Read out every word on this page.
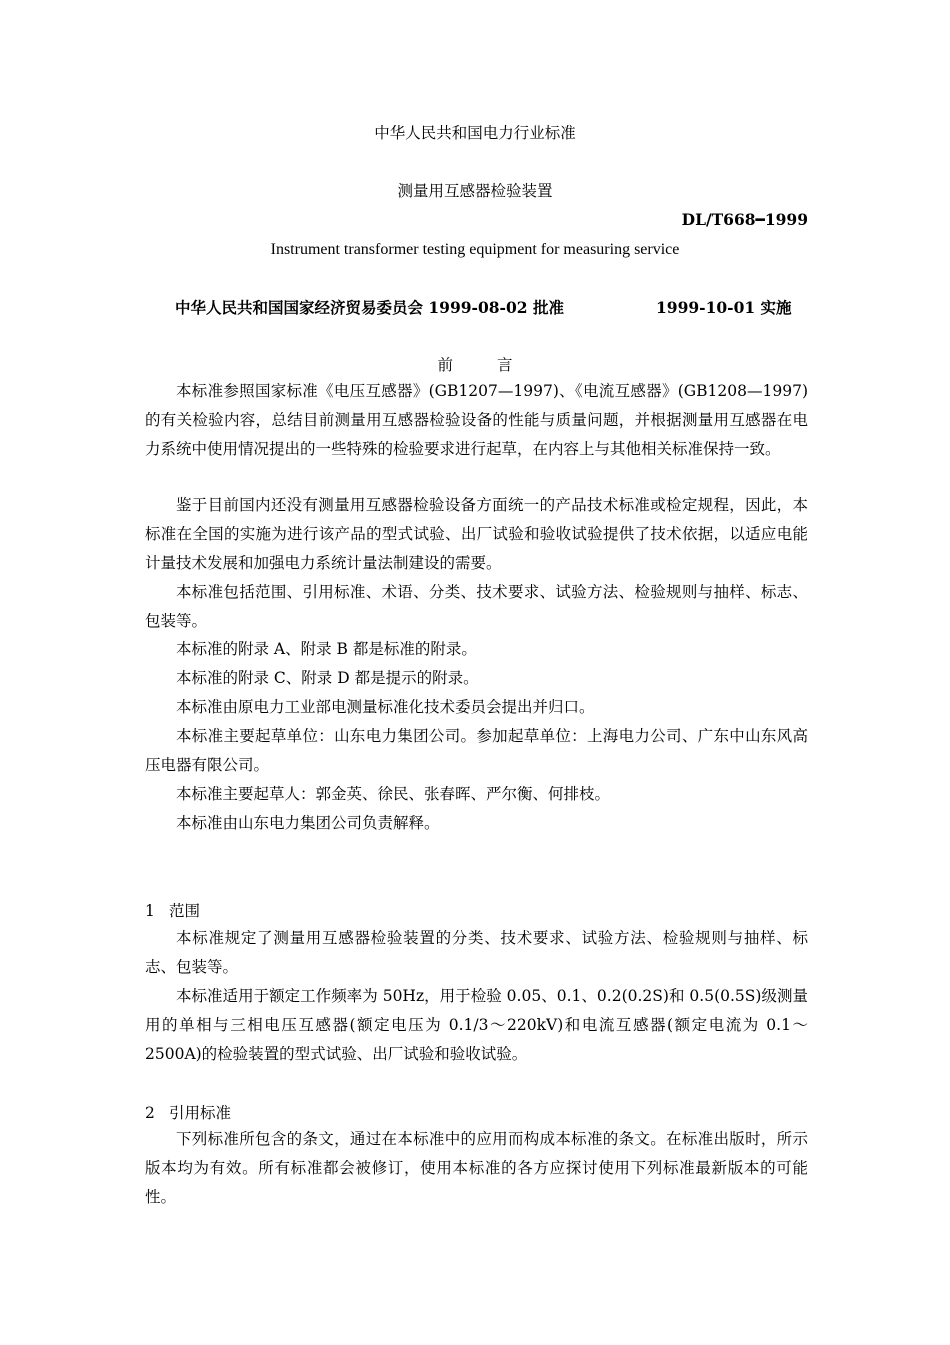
中华人民共和国电力行业标准
测量用互感器检验装置
DL/T668━1999
Instrument transformer testing equipment for measuring service
中华人民共和国国家经济贸易委员会 1999-08-02 批准	1999-10-01 实施
前言

本标准参照国家标准《电压互感器》(GB1207—1997)、《电流互感器》(GB1208—1997)的有关检验内容，总结目前测量用互感器检验设备的性能与质量问题，并根据测量用互感器在电力系统中使用情况提出的一些特殊的检验要求进行起草，在内容上与其他相关标准保持一致。

鉴于目前国内还没有测量用互感器检验设备方面统一的产品技术标准或检定规程，因此，本标准在全国的实施为进行该产品的型式试验、出厂试验和验收试验提供了技术依据，以适应电能计量技术发展和加强电力系统计量法制建设的需要。

本标准包括范围、引用标准、术语、分类、技术要求、试验方法、检验规则与抽样、标志、包装等。

本标准的附录 A、附录 B 都是标准的附录。

本标准的附录 C、附录 D 都是提示的附录。

本标准由原电力工业部电测量标准化技术委员会提出并归口。

本标准主要起草单位：山东电力集团公司。参加起草单位：上海电力公司、广东中山东风高压电器有限公司。

本标准主要起草人：郭金英、徐民、张春晖、严尔衡、何排枝。

本标准由山东电力集团公司负责解释。

1 范围

本标准规定了测量用互感器检验装置的分类、技术要求、试验方法、检验规则与抽样、标志、包装等。

本标准适用于额定工作频率为 50Hz，用于检验 0.05、0.1、0.2(0.2S)和 0.5(0.5S)级测量用的单相与三相电压互感器(额定电压为 0.1/3～220kV)和电流互感器(额定电流为 0.1～2500A)的检验装置的型式试验、出厂试验和验收试验。

2 引用标准

下列标准所包含的条文，通过在本标准中的应用而构成本标准的条文。在标准出版时，所示版本均为有效。所有标准都会被修订，使用本标准的各方应探讨使用下列标准最新版本的可能性。
